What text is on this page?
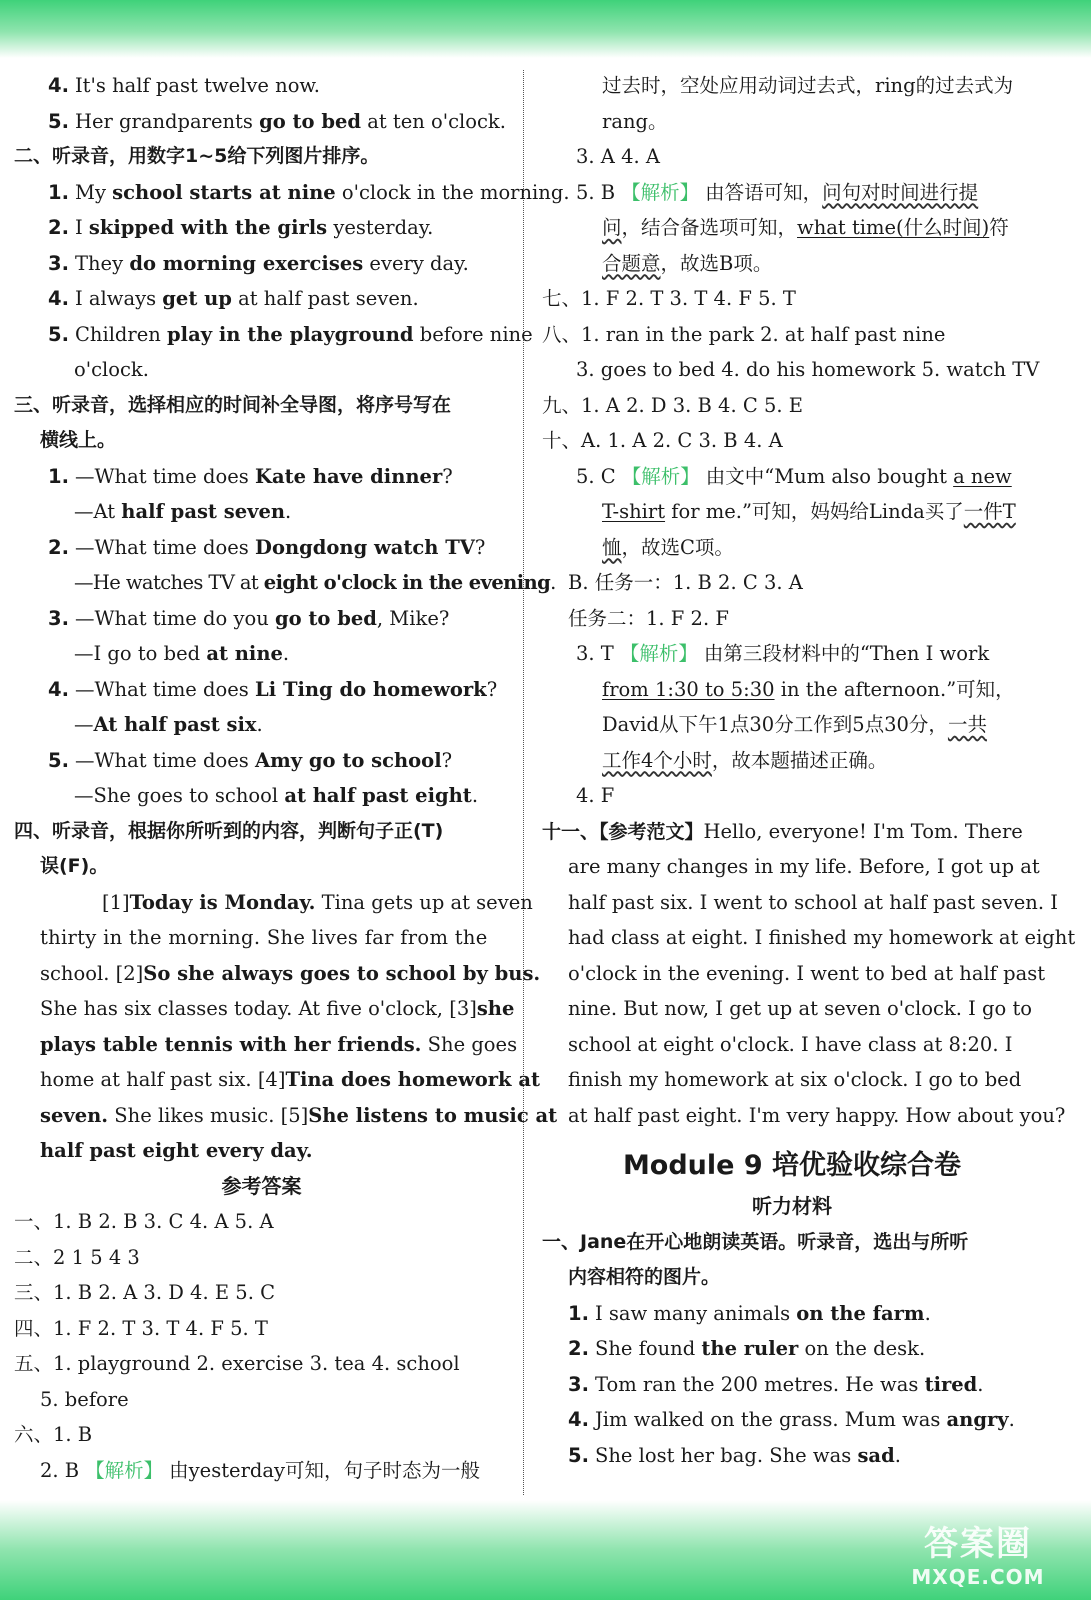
4. It's half past twelve now.
5. Her grandparents go to bed at ten o'clock.
二、听录音，用数字1~5给下列图片排序。
1. My school starts at nine o'clock in the morning.
2. I skipped with the girls yesterday.
3. They do morning exercises every day.
4. I always get up at half past seven.
5. Children play in the playground before nine
o'clock.
三、听录音，选择相应的时间补全导图，将序号写在
横线上。
1. —What time does Kate have dinner?
—At half past seven.
2. —What time does Dongdong watch TV?
—He watches TV at eight o'clock in the evening.
3. —What time do you go to bed, Mike?
—I go to bed at nine.
4. —What time does Li Ting do homework?
—At half past six.
5. —What time does Amy go to school?
—She goes to school at half past eight.
四、听录音，根据你所听到的内容，判断句子正(T)
误(F)。
[1]Today is Monday. Tina gets up at seven
thirty in the morning. She lives far from the
school. [2]So she always goes to school by bus.
She has six classes today. At five o'clock, [3]she
plays table tennis with her friends. She goes
home at half past six. [4]Tina does homework at
seven. She likes music. [5]She listens to music at
half past eight every day.
参考答案
一、1. B 2. B 3. C 4. A 5. A
二、2 1 5 4 3
三、1. B 2. A 3. D 4. E 5. C
四、1. F 2. T 3. T 4. F 5. T
五、1. playground 2. exercise 3. tea 4. school
5. before
六、1. B
2. B 【解析】 由yesterday可知，句子时态为一般
过去时，空处应用动词过去式，ring的过去式为
rang。
3. A 4. A
5. B 【解析】 由答语可知，问句对时间进行提
问，结合备选项可知，what time(什么时间)符
合题意，故选B项。
七、1. F 2. T 3. T 4. F 5. T
八、1. ran in the park 2. at half past nine
3. goes to bed 4. do his homework 5. watch TV
九、1. A 2. D 3. B 4. C 5. E
十、A. 1. A 2. C 3. B 4. A
5. C 【解析】 由文中“Mum also bought a new
T-shirt for me.”可知，妈妈给Linda买了一件T
恤，故选C项。
B. 任务一：1. B 2. C 3. A
任务二：1. F 2. F
3. T 【解析】 由第三段材料中的“Then I work
from 1:30 to 5:30 in the afternoon.”可知，
David从下午1点30分工作到5点30分，一共
工作4个小时，故本题描述正确。
4. F
十一、【参考范文】Hello, everyone! I'm Tom. There
are many changes in my life. Before, I got up at
half past six. I went to school at half past seven. I
had class at eight. I finished my homework at eight
o'clock in the evening. I went to bed at half past
nine. But now, I get up at seven o'clock. I go to
school at eight o'clock. I have class at 8:20. I
finish my homework at six o'clock. I go to bed
at half past eight. I'm very happy. How about you?
Module 9 培优验收综合卷
听力材料
一、Jane在开心地朗读英语。听录音，选出与所听
内容相符的图片。
1. I saw many animals on the farm.
2. She found the ruler on the desk.
3. Tom ran the 200 metres. He was tired.
4. Jim walked on the grass. Mum was angry.
5. She lost her bag. She was sad.
答案圈
MXQE.COM
